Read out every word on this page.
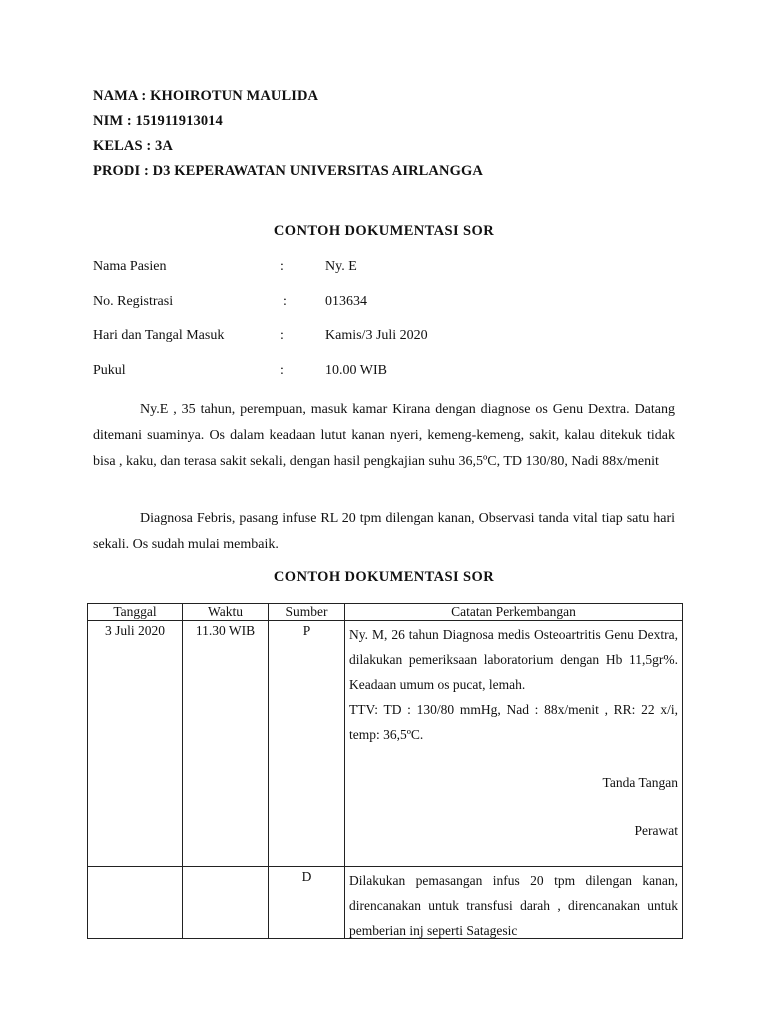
NAMA : KHOIROTUN MAULIDA
NIM : 151911913014
KELAS : 3A
PRODI : D3 KEPERAWATAN UNIVERSITAS AIRLANGGA
CONTOH DOKUMENTASI SOR
Nama Pasien	:	Ny. E
No. Registrasi	:	013634
Hari dan Tangal Masuk	:	Kamis/3 Juli 2020
Pukul	:	10.00 WIB

Ny.E , 35 tahun, perempuan, masuk kamar Kirana dengan diagnose os Genu Dextra. Datang ditemani suaminya. Os dalam keadaan lutut kanan nyeri, kemeng-kemeng, sakit, kalau ditekuk tidak bisa , kaku, dan terasa sakit sekali, dengan hasil pengkajian suhu 36,5ºC, TD 130/80, Nadi 88x/menit

Diagnosa Febris, pasang infuse RL 20 tpm dilengan kanan, Observasi tanda vital tiap satu hari sekali. Os sudah mulai membaik.

CONTOH DOKUMENTASI SOR
Tanggal	Waktu	Sumber	Catatan Perkembangan
3 Juli 2020	11.30 WIB	P	Ny. M, 26 tahun Diagnosa medis Osteoartritis Genu Dextra, dilakukan pemeriksaan laboratorium dengan Hb 11,5gr%. Keadaan umum os pucat, lemah.

TTV: TD : 130/80 mmHg, Nad : 88x/menit , RR: 22 x/i, temp: 36,5ºC.

Tanda Tangan
Perawat

		D	Dilakukan pemasangan infus 20 tpm dilengan kanan, direncanakan untuk transfusi darah , direncanakan untuk pemberian inj seperti Satagesic
